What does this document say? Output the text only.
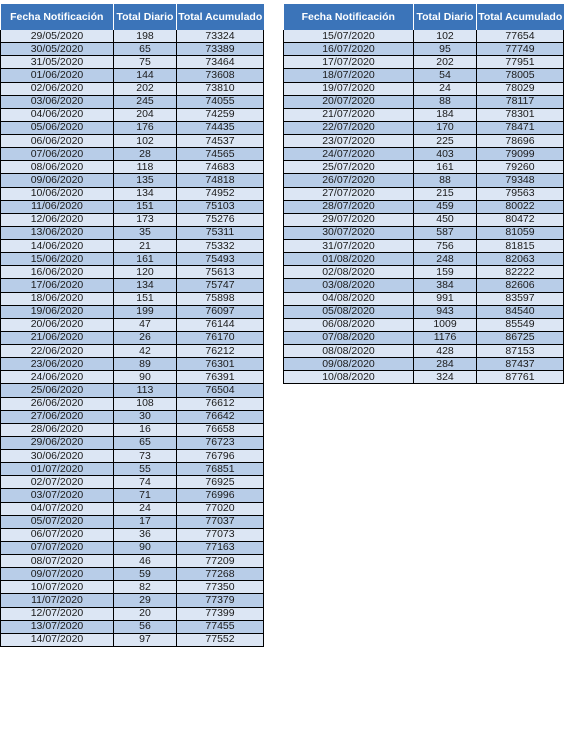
Fecha Notificación	Total Diario	Total Acumulado
29/05/2020	198	73324
30/05/2020	65	73389
31/05/2020	75	73464
01/06/2020	144	73608
02/06/2020	202	73810
03/06/2020	245	74055
04/06/2020	204	74259
05/06/2020	176	74435
06/06/2020	102	74537
07/06/2020	28	74565
08/06/2020	118	74683
09/06/2020	135	74818
10/06/2020	134	74952
11/06/2020	151	75103
12/06/2020	173	75276
13/06/2020	35	75311
14/06/2020	21	75332
15/06/2020	161	75493
16/06/2020	120	75613
17/06/2020	134	75747
18/06/2020	151	75898
19/06/2020	199	76097
20/06/2020	47	76144
21/06/2020	26	76170
22/06/2020	42	76212
23/06/2020	89	76301
24/06/2020	90	76391
25/06/2020	113	76504
26/06/2020	108	76612
27/06/2020	30	76642
28/06/2020	16	76658
29/06/2020	65	76723
30/06/2020	73	76796
01/07/2020	55	76851
02/07/2020	74	76925
03/07/2020	71	76996
04/07/2020	24	77020
05/07/2020	17	77037
06/07/2020	36	77073
07/07/2020	90	77163
08/07/2020	46	77209
09/07/2020	59	77268
10/07/2020	82	77350
11/07/2020	29	77379
12/07/2020	20	77399
13/07/2020	56	77455
14/07/2020	97	77552
Fecha Notificación	Total Diario	Total Acumulado
15/07/2020	102	77654
16/07/2020	95	77749
17/07/2020	202	77951
18/07/2020	54	78005
19/07/2020	24	78029
20/07/2020	88	78117
21/07/2020	184	78301
22/07/2020	170	78471
23/07/2020	225	78696
24/07/2020	403	79099
25/07/2020	161	79260
26/07/2020	88	79348
27/07/2020	215	79563
28/07/2020	459	80022
29/07/2020	450	80472
30/07/2020	587	81059
31/07/2020	756	81815
01/08/2020	248	82063
02/08/2020	159	82222
03/08/2020	384	82606
04/08/2020	991	83597
05/08/2020	943	84540
06/08/2020	1009	85549
07/08/2020	1176	86725
08/08/2020	428	87153
09/08/2020	284	87437
10/08/2020	324	87761
